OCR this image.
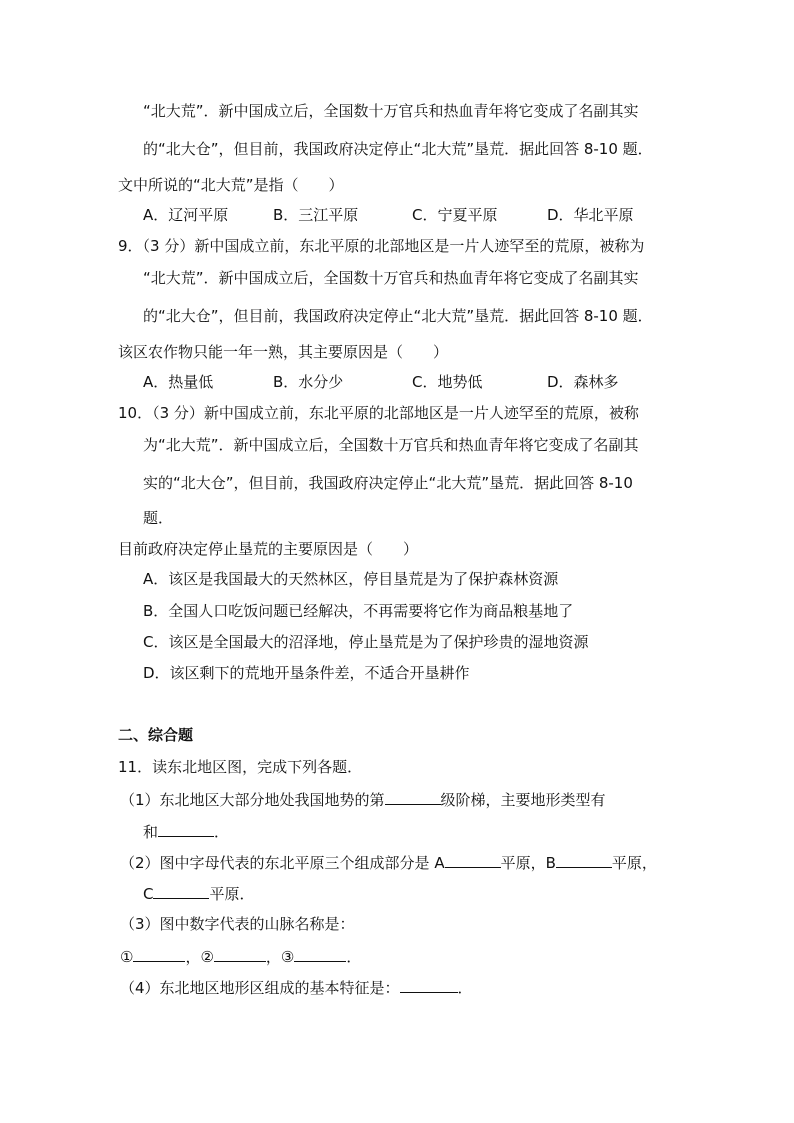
“北大荒”．新中国成立后，全国数十万官兵和热血青年将它变成了名副其实
的“北大仓”，但目前，我国政府决定停止“北大荒”垦荒．据此回答 8-10 题．
文中所说的“北大荒”是指（　　）
A．辽河平原	B．三江平原	C．宁夏平原	D．华北平原
9．（3 分）新中国成立前，东北平原的北部地区是一片人迹罕至的荒原，被称为
“北大荒”．新中国成立后，全国数十万官兵和热血青年将它变成了名副其实
的“北大仓”，但目前，我国政府决定停止“北大荒”垦荒．据此回答 8-10 题．
该区农作物只能一年一熟，其主要原因是（　　）
A．热量低	B．水分少	C．地势低	D．森林多
10．（3 分）新中国成立前，东北平原的北部地区是一片人迹罕至的荒原，被称
为“北大荒”．新中国成立后，全国数十万官兵和热血青年将它变成了名副其
实的“北大仓”，但目前，我国政府决定停止“北大荒”垦荒．据此回答 8-10
题．
目前政府决定停止垦荒的主要原因是（　　）
A．该区是我国最大的天然林区，停目垦荒是为了保护森林资源
B．全国人口吃饭问题已经解决，不再需要将它作为商品粮基地了
C．该区是全国最大的沼泽地，停止垦荒是为了保护珍贵的湿地资源
D．该区剩下的荒地开垦条件差，不适合开垦耕作
二、综合题
11．读东北地区图，完成下列各题．
（1）东北地区大部分地处我国地势的第	级阶梯，主要地形类型有
和	．
（2）图中字母代表的东北平原三个组成部分是 A	平原，B	平原，
C	平原．
（3）图中数字代表的山脉名称是：
①	，②	，③	．
（4）东北地区地形区组成的基本特征是：	．
